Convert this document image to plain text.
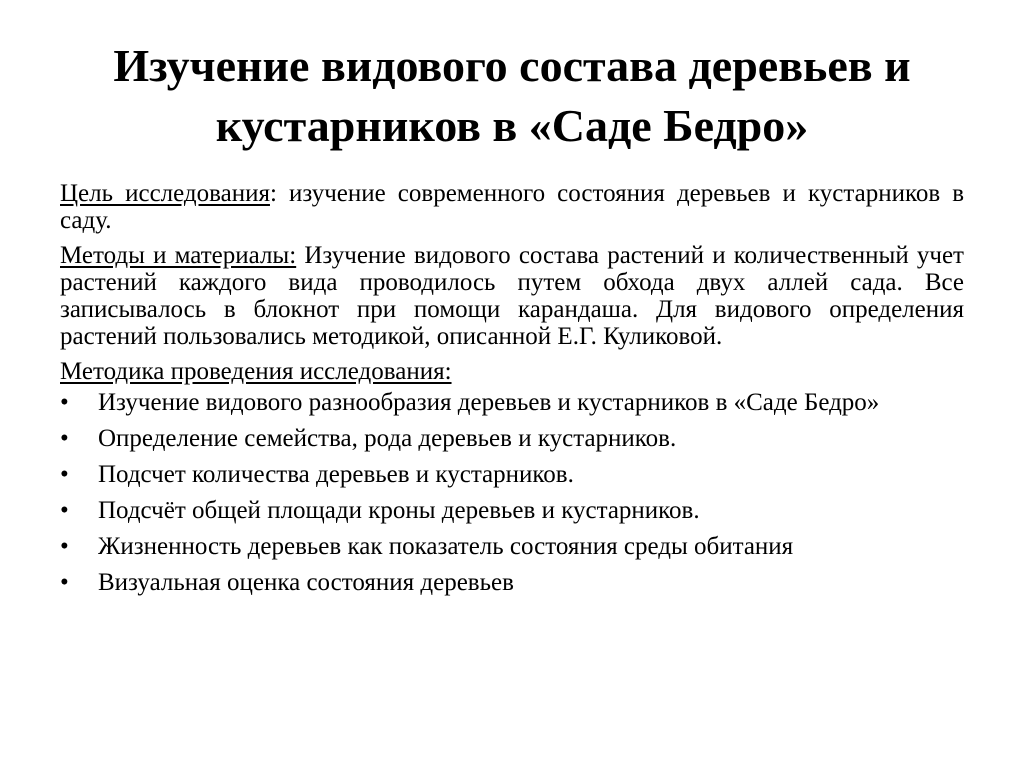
Изучение видового состава деревьев и
кустарников в «Саде Бедро»

Цель исследования: изучение современного состояния деревьев и кустарников в саду.

Методы и материалы: Изучение видового состава растений и количественный учет растений каждого вида проводилось путем обхода двух аллей сада. Все записывалось в блокнот при помощи карандаша. Для видового определения растений пользовались методикой, описанной Е.Г. Куликовой.

Методика проведения исследования:

• Изучение видового разнообразия деревьев и кустарников в «Саде Бедро»
• Определение семейства, рода деревьев и кустарников.
• Подсчет количества деревьев и кустарников.
• Подсчёт общей площади кроны деревьев и кустарников.
• Жизненность деревьев как показатель состояния среды обитания
• Визуальная оценка состояния деревьев
